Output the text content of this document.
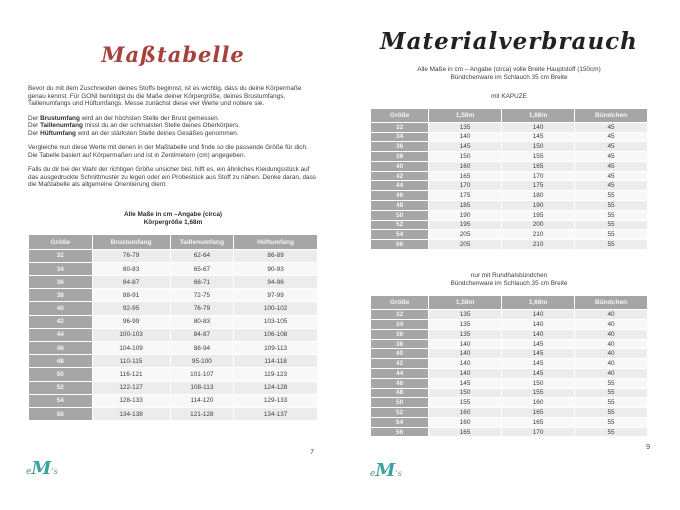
Maßtabelle

Bevor du mit dem Zuschneiden deines Stoffs beginnst, ist es wichtig, dass du deine Körpermaße genau kennst. Für GONI benötigst du die Maße deiner Körpergröße, deines Brustumfangs, Taillenumfangs und Hüftumfangs. Messe zunächst diese vier Werte und notiere sie.

Der Brustumfang wird an der höchsten Stelle der Brust gemessen.
Der Taillenumfang misst du an der schmalsten Stelle deines Oberkörpers.
Der Hüftumfang wird an der stärksten Stelle deines Gesäßes genommen.

Vergleiche nun diese Werte mit denen in der Maßtabelle und finde so die passende Größe für dich. Die Tabelle basiert auf Körpermaßen und ist in Zentimetern (cm) angegeben.

Falls du dir bei der Wahl der richtigen Größe unsicher bist, hilft es, ein ähnliches Kleidungsstück auf das ausgedruckte Schnittmuster zu legen oder ein Probestück aus Stoff zu nähen. Denke daran, dass die Maßtabelle als allgemeine Orientierung dient.

Alle Maße in cm –Angabe (circa)
Körpergröße 1,68m
Größe	Brustumfang	Taillenumfang	Hüftumfang
32	76-79	62-64	86-89
34	80-83	65-67	90-93
36	84-87	68-71	94-96
38	88-91	72-75	97-99
40	92-95	76-79	100-102
42	96-99	80-83	103-105
44	100-103	84-87	106-108
46	104-109	88-94	109-113
48	110-115	95-100	114-118
50	116-121	101-107	119-123
52	122-127	108-113	124-128
54	128-133	114-120	129-133
56	134-138	121-128	134-137
7
eM’s
Materialverbrauch
Alle Maße in cm – Angabe (circa) volle Breite Hauptstoff (150cm)
Bündchenware im Schlauch 35 cm Breite
mit KAPUZE
Größe	1,58m	1,68m	Bündchen
32	135	140	45
34	140	145	45
36	145	150	45
38	150	155	45
40	160	165	45
42	165	170	45
44	170	175	45
46	175	180	55
48	185	190	55
50	190	195	55
52	195	200	55
54	205	210	55
56	205	210	55
nur mit Rundhalsbündchen
Bündchenware im Schlauch 35 cm Breite
Größe	1,58m	1,68m	Bündchen
32	135	140	40
34	135	140	40
36	135	140	40
38	140	145	40
40	140	145	40
42	140	145	40
44	140	145	40
46	145	150	55
48	150	155	55
50	155	160	55
52	160	165	55
54	160	165	55
56	165	170	55
9
eM’s
